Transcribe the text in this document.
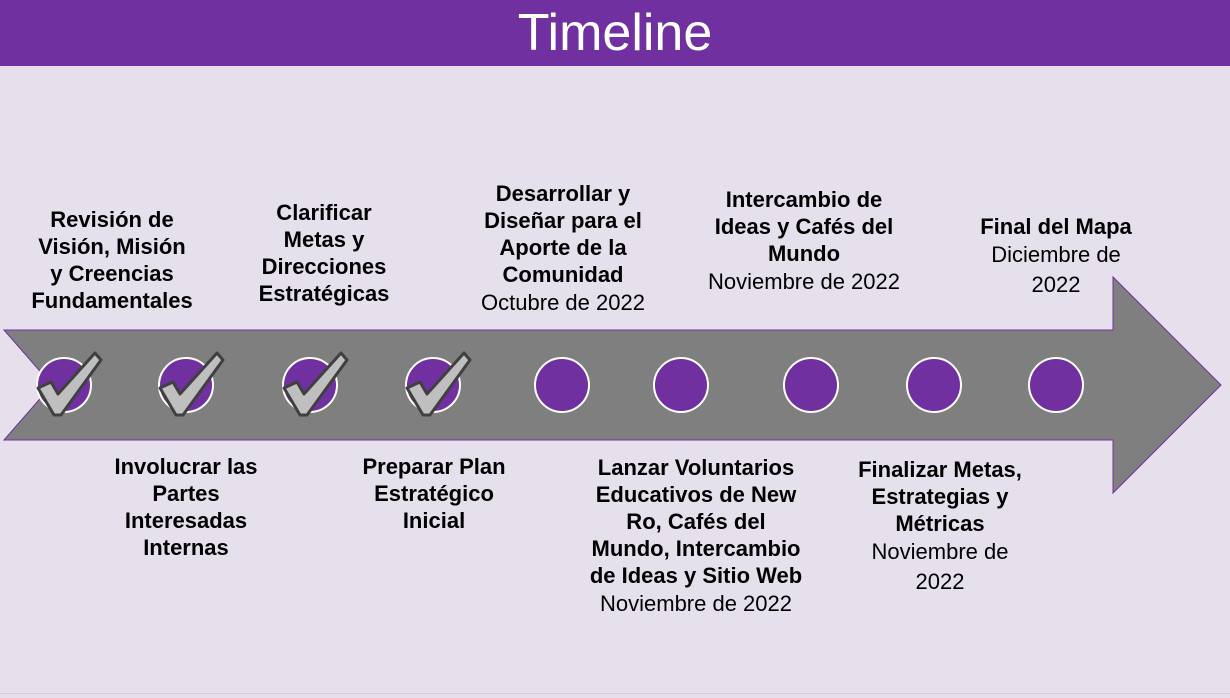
Timeline
Revisión de
Visión, Misión
y Creencias
Fundamentales
Involucrar las
Partes
Interesadas
Internas
Clarificar
Metas y
Direcciones
Estratégicas
Preparar Plan
Estratégico
Inicial
Desarrollar y
Diseñar para el
Aporte de la
Comunidad
Octubre de 2022
Lanzar Voluntarios
Educativos de New
Ro, Cafés del
Mundo, Intercambio
de Ideas y Sitio Web
Noviembre de 2022
Intercambio de
Ideas y Cafés del
Mundo
Noviembre de 2022
Finalizar Metas,
Estrategias y
Métricas
Noviembre de
2022
Final del Mapa
Diciembre de
2022
